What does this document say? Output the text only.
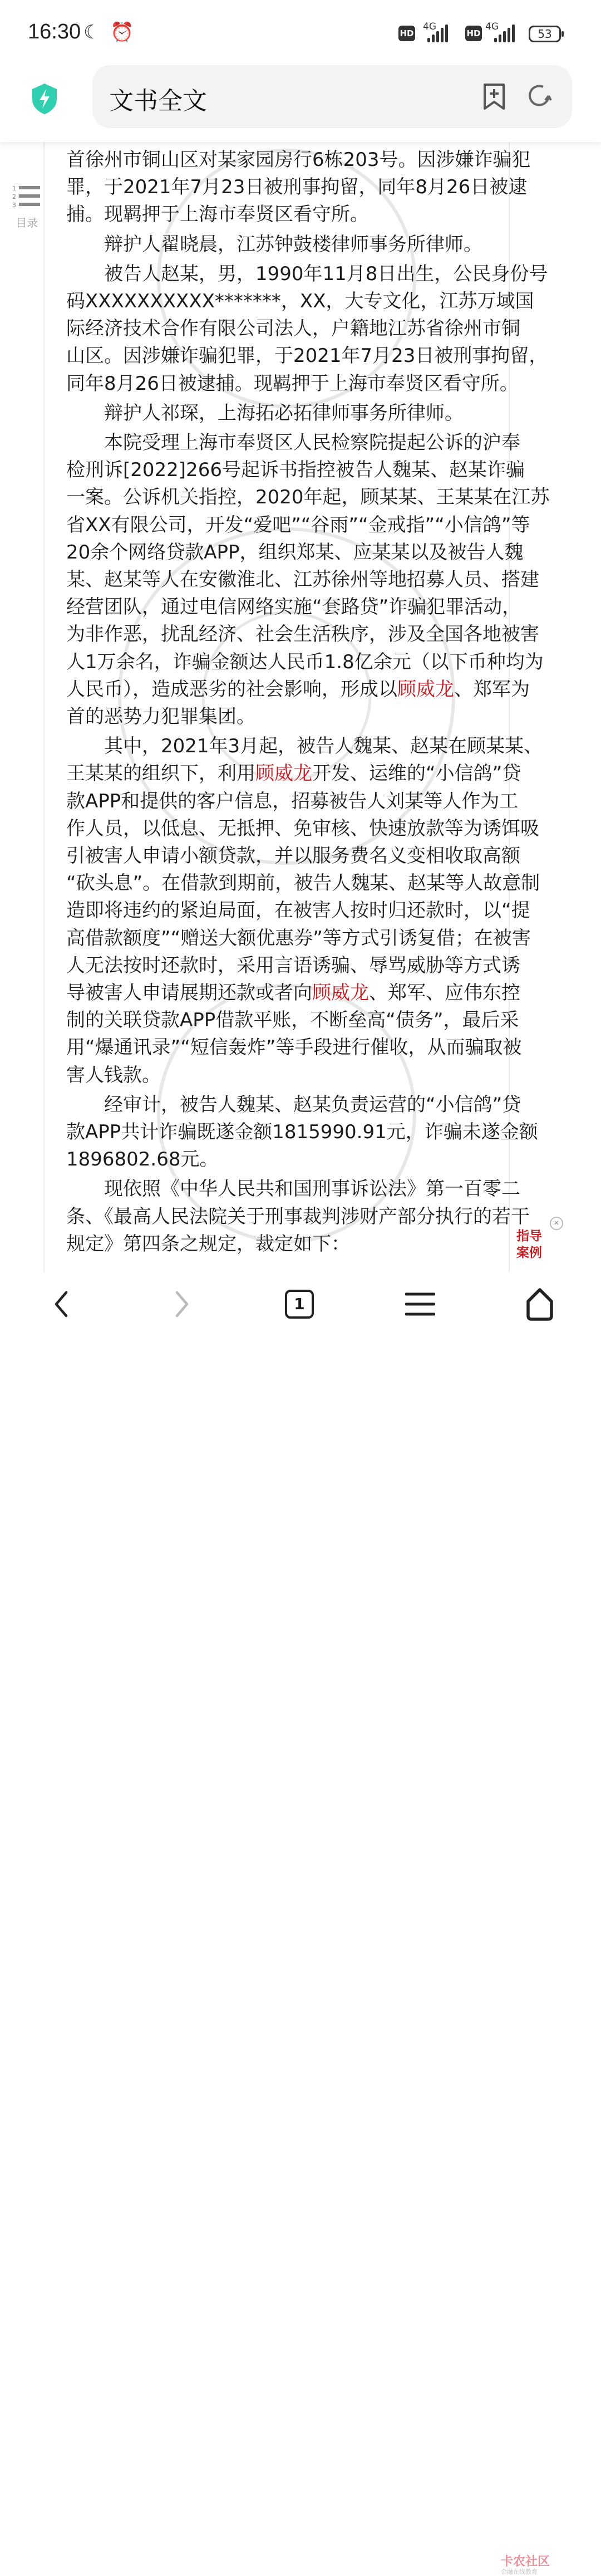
16:30 ☾ ⏰	HD
4G
HD
4G
53
文书全文
1
2
3
目录
首徐州市铜山区对某家园房行6栋203号。因涉嫌诈骗犯
罪，于2021年7月23日被刑事拘留，同年8月26日被逮
捕。现羁押于上海市奉贤区看守所。
辩护人翟晓晨，江苏钟鼓楼律师事务所律师。
被告人赵某，男，1990年11月8日出生，公民身份号
码XXXXXXXXXX*******，XX，大专文化，江苏万域国
际经济技术合作有限公司法人，户籍地江苏省徐州市铜
山区。因涉嫌诈骗犯罪，于2021年7月23日被刑事拘留，
同年8月26日被逮捕。现羁押于上海市奉贤区看守所。
辩护人祁琛，上海拓必拓律师事务所律师。
本院受理上海市奉贤区人民检察院提起公诉的沪奉
检刑诉[2022]266号起诉书指控被告人魏某、赵某诈骗
一案。公诉机关指控，2020年起，顾某某、王某某在江苏
省XX有限公司，开发“爱吧”“谷雨”“金戒指”“小信鸽”等
20余个网络贷款APP，组织郑某、应某某以及被告人魏
某、赵某等人在安徽淮北、江苏徐州等地招募人员、搭建
经营团队，通过电信网络实施“套路贷”诈骗犯罪活动，
为非作恶，扰乱经济、社会生活秩序，涉及全国各地被害
人1万余名，诈骗金额达人民币1.8亿余元（以下币种均为
人民币），造成恶劣的社会影响，形成以顾威龙、郑军为
首的恶势力犯罪集团。
其中，2021年3月起，被告人魏某、赵某在顾某某、
王某某的组织下，利用顾威龙开发、运维的“小信鸽”贷
款APP和提供的客户信息，招募被告人刘某等人作为工
作人员，以低息、无抵押、免审核、快速放款等为诱饵吸
引被害人申请小额贷款，并以服务费名义变相收取高额
“砍头息”。在借款到期前，被告人魏某、赵某等人故意制
造即将违约的紧迫局面，在被害人按时归还款时，以“提
高借款额度”“赠送大额优惠券”等方式引诱复借；在被害
人无法按时还款时，采用言语诱骗、辱骂威胁等方式诱
导被害人申请展期还款或者向顾威龙、郑军、应伟东控
制的关联贷款APP借款平账，不断垒高“债务”，最后采
用“爆通讯录”“短信轰炸”等手段进行催收，从而骗取被
害人钱款。
经审计，被告人魏某、赵某负责运营的“小信鸽”贷
款APP共计诈骗既遂金额1815990.91元，诈骗未遂金额
1896802.68元。
现依照《中华人民共和国刑事诉讼法》第一百零二
条、《最高人民法院关于刑事裁判涉财产部分执行的若干
规定》第四条之规定，裁定如下：	指导案例
×
1
卡农社区
金融在线教育
